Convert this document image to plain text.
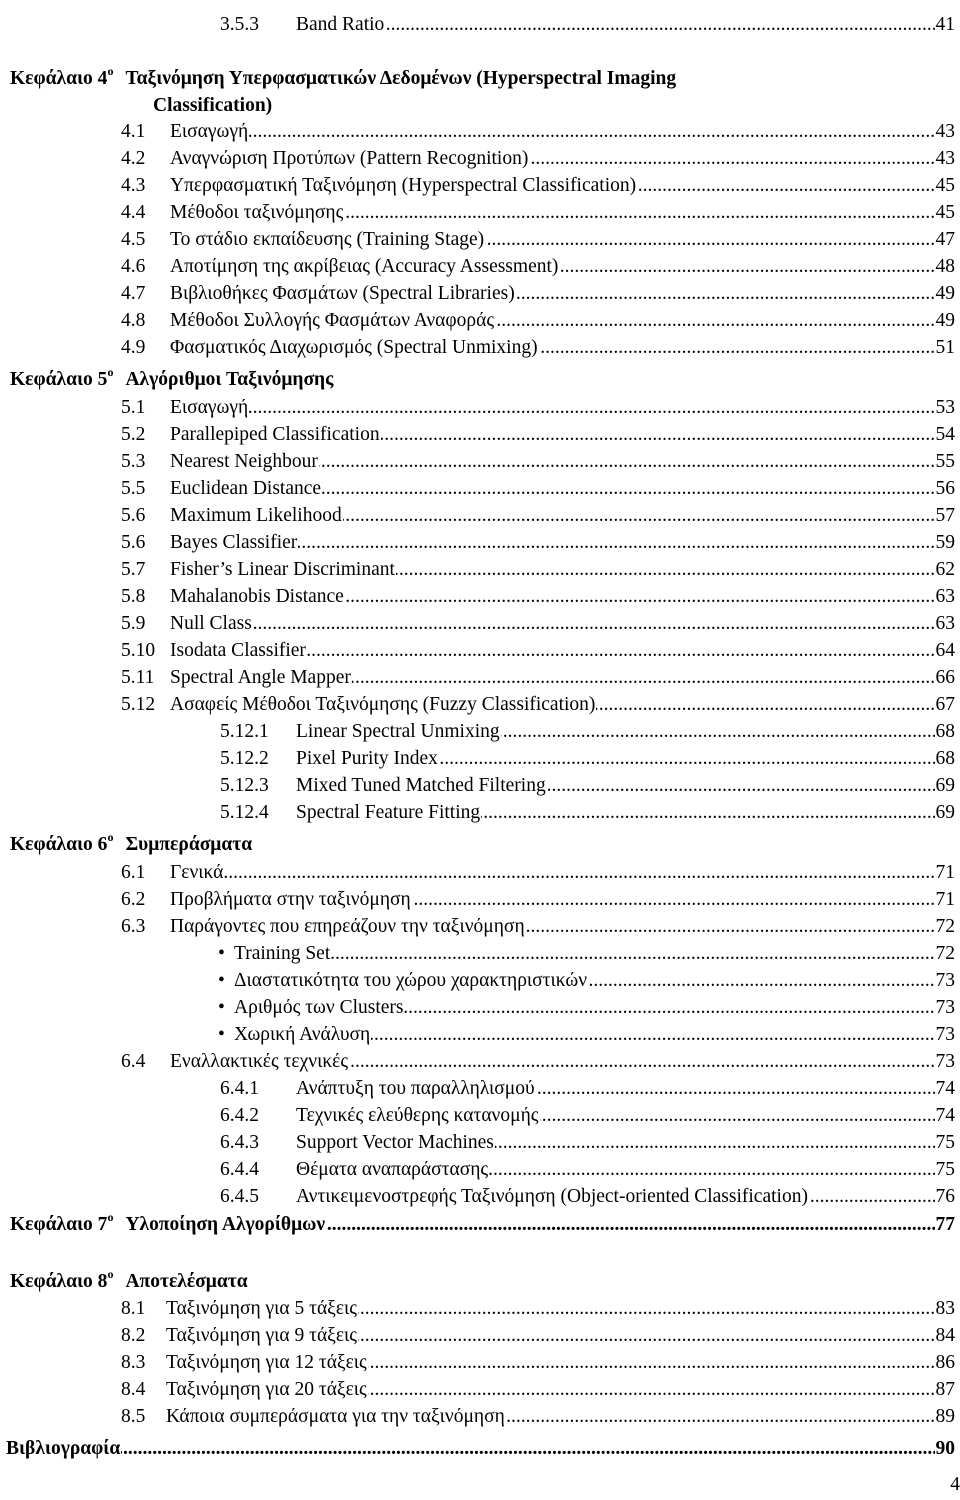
.....
3.5.3 Band Ratio	41
Κεφάλαιο $4^o$ Ταξινόμηση Υπερφασματικών Δεδομένων (Hyperspectral Imaging
Classification)
.....
4.1 Εισαγωγή	43
.....
4.2 Αναγνώριση Προτύπων (Pattern Recognition)	43
.....
4.3 Υπερφασματική Ταξινόμηση (Hyperspectral Classification)	45
.....
4.4 Μέθοδοι ταξινόμησης	45
.....
4.5 Το στάδιο εκπαίδευσης (Training Stage)	47
.....
4.6 Αποτίμηση της ακρίβειας (Accuracy Assessment)	48
.....
4.7 Βιβλιοθήκες Φασμάτων (Spectral Libraries)	49
.....
4.8 Μέθοδοι Συλλογής Φασμάτων Αναφοράς	49
.....
4.9 Φασματικός Διαχωρισμός (Spectral Unmixing)	51
Κεφάλαιο $5^o$ Αλγόριθμοι Ταξινόμησης
.....
5.1 Εισαγωγή	53
.....
5.2 Parallepiped Classification	54
.....
5.3 Nearest Neighbour	55
.....
5.5 Euclidean Distance	56
.....
5.6 Maximum Likelihood	57
.....
5.6 Bayes Classifier	59
.....
5.7 Fisher’s Linear Discriminant	62
.....
5.8 Mahalanobis Distance	63
.....
5.9 Null Class	63
.....
5.10 Isodata Classifier	64
.....
5.11 Spectral Angle Mapper	66
.....
5.12 Ασαφείς Μέθοδοι Ταξινόμησης (Fuzzy Classification)	67
.....
5.12.1 Linear Spectral Unmixing	68
.....
5.12.2 Pixel Purity Index	68
.....
5.12.3 Mixed Tuned Matched Filtering	69
.....
5.12.4 Spectral Feature Fitting	69
Κεφάλαιο $6^o$ Συμπεράσματα
.....
6.1 Γενικά	71
.....
6.2 Προβλήματα στην ταξινόμηση	71
.....
6.3 Παράγοντες που επηρεάζουν την ταξινόμηση	72
.....
• Training Set	72
.....
• Διαστατικότητα του χώρου χαρακτηριστικών	73
.....
• Αριθμός των Clusters	73
.....
• Χωρική Ανάλυση	73
.....
6.4 Εναλλακτικές τεχνικές	73
.....
6.4.1 Ανάπτυξη του παραλληλισμού	74
.....
6.4.2 Τεχνικές ελεύθερης κατανομής	74
.....
6.4.3 Support Vector Machines	75
.....
6.4.4 Θέματα αναπαράστασης	75
.....
6.4.5 Αντικειμενοστρεφής Ταξινόμηση (Object-oriented Classification)	76
.....
Κεφάλαιο $7^o$ Υλοποίηση Αλγορίθμων	77
Κεφάλαιο $8^o$ Αποτελέσματα
.....
8.1 Ταξινόμηση για 5 τάξεις	83
.....
8.2 Ταξινόμηση για 9 τάξεις	84
.....
8.3 Ταξινόμηση για 12 τάξεις	86
.....
8.4 Ταξινόμηση για 20 τάξεις	87
.....
8.5 Κάποια συμπεράσματα για την ταξινόμηση	89
.....
Βιβλιογραφία	90
4
